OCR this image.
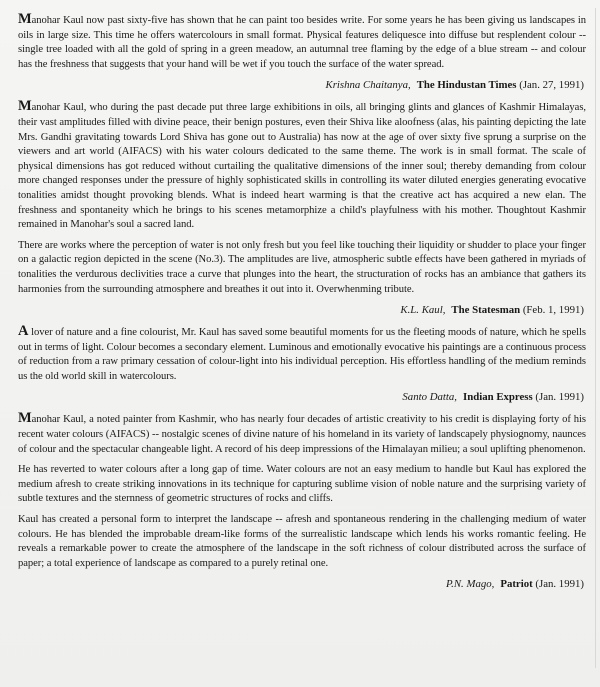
Manohar Kaul now past sixty-five has shown that he can paint too besides write. For some years he has been giving us landscapes in oils in large size. This time he offers watercolours in small format. Physical features deliquesce into diffuse but resplendent colour -- single tree loaded with all the gold of spring in a green meadow, an autumnal tree flaming by the edge of a blue stream -- and colour has the freshness that suggests that your hand will be wet if you touch the surface of the water spread.

Krishna Chaitanya, The Hindustan Times (Jan. 27, 1991)

Manohar Kaul, who during the past decade put three large exhibitions in oils, all bringing glints and glances of Kashmir Himalayas, their vast amplitudes filled with divine peace, their benign postures, even their Shiva like aloofness (alas, his painting depicting the late Mrs. Gandhi gravitating towards Lord Shiva has gone out to Australia) has now at the age of over sixty five sprung a surprise on the viewers and art world (AIFACS) with his water colours dedicated to the same theme. The work is in small format. The scale of physical dimensions has got reduced without curtailing the qualitative dimensions of the inner soul; thereby demanding from colour more changed responses under the pressure of highly sophisticated skills in controlling its water diluted energies generating evocative tonalities amidst thought provoking blends. What is indeed heart warming is that the creative act has acquired a new elan. The freshness and spontaneity which he brings to his scenes metamorphize a child's playfulness with his mother. Thoughtout Kashmir remained in Manohar's soul a sacred land.

There are works where the perception of water is not only fresh but you feel like touching their liquidity or shudder to place your finger on a galactic region depicted in the scene (No.3). The amplitudes are live, atmospheric subtle effects have been gathered in myriads of tonalities the verdurous declivities trace a curve that plunges into the heart, the structuration of rocks has an ambiance that gathers its harmonies from the surrounding atmosphere and breathes it out into it. Overwhenming tribute.

K.L. Kaul, The Statesman (Feb. 1, 1991)

A lover of nature and a fine colourist, Mr. Kaul has saved some beautiful moments for us the fleeting moods of nature, which he spells out in terms of light. Colour becomes a secondary element. Luminous and emotionally evocative his paintings are a continuous process of reduction from a raw primary cessation of colour-light into his individual perception. His effortless handling of the medium reminds us the old world skill in watercolours.

Santo Datta, Indian Express (Jan. 1991)

Manohar Kaul, a noted painter from Kashmir, who has nearly four decades of artistic creativity to his credit is displaying forty of his recent water colours (AIFACS) -- nostalgic scenes of divine nature of his homeland in its variety of landscapely physiognomy, naunces of colour and the spectacular changeable light. A record of his deep impressions of the Himalayan milieu; a soul uplifting phenomenon.

He has reverted to water colours after a long gap of time. Water colours are not an easy medium to handle but Kaul has explored the medium afresh to create striking innovations in its technique for capturing sublime vision of noble nature and the surprising variety of subtle textures and the sternness of geometric structures of rocks and cliffs.

Kaul has created a personal form to interpret the landscape -- afresh and spontaneous rendering in the challenging medium of water colours. He has blended the improbable dream-like forms of the surrealistic landscape which lends his works romantic feeling. He reveals a remarkable power to create the atmosphere of the landscape in the soft richness of colour distributed across the surface of paper; a total experience of landscape as compared to a purely retinal one.

P.N. Mago, Patriot (Jan. 1991)
